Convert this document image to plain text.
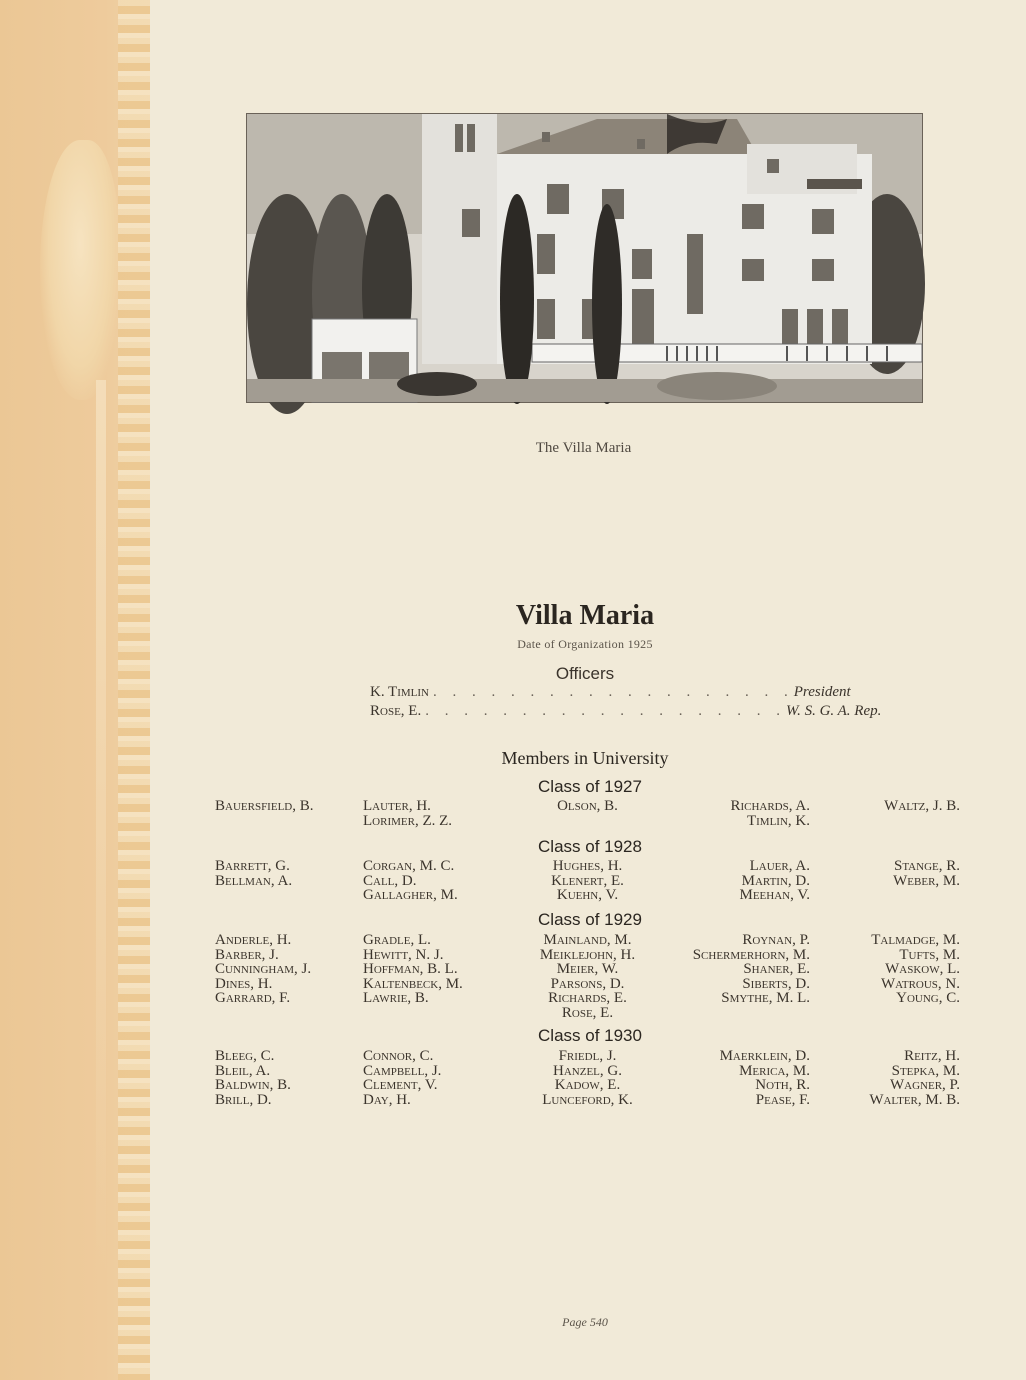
The Villa Maria
Villa Maria
Date of Organization 1925
Officers
K. Timlin . . . . . . . . . . . . . . . . . . . President
Rose, E. . . . . . . . . . . . . . . . . . . . W. S. G. A. Rep.
Members in University
Class of 1927
Bauersfield, B.	Lauter, H.
Lorimer, Z. Z.
Olson, B.	Richards, A.
Timlin, K.
Waltz, J. B.
Class of 1928
Barrett, G.
Bellman, A.
Corgan, M. C.
Call, D.
Gallagher, M.
Hughes, H.
Klenert, E.
Kuehn, V.
Lauer, A.
Martin, D.
Meehan, V.
Stange, R.
Weber, M.
Class of 1929
Anderle, H.
Barber, J.
Cunningham, J.
Dines, H.
Garrard, F.
Gradle, L.
Hewitt, N. J.
Hoffman, B. L.
Kaltenbeck, M.
Lawrie, B.
Mainland, M.
Meiklejohn, H.
Meier, W.
Parsons, D.
Richards, E.
Rose, E.
Roynan, P.
Schermerhorn, M.
Shaner, E.
Siberts, D.
Smythe, M. L.
Talmadge, M.
Tufts, M.
Waskow, L.
Watrous, N.
Young, C.
Class of 1930
Bleeg, C.
Bleil, A.
Baldwin, B.
Brill, D.
Connor, C.
Campbell, J.
Clement, V.
Day, H.
Friedl, J.
Hanzel, G.
Kadow, E.
Lunceford, K.
Maerklein, D.
Merica, M.
Noth, R.
Pease, F.
Reitz, H.
Stepka, M.
Wagner, P.
Walter, M. B.
Page 540
